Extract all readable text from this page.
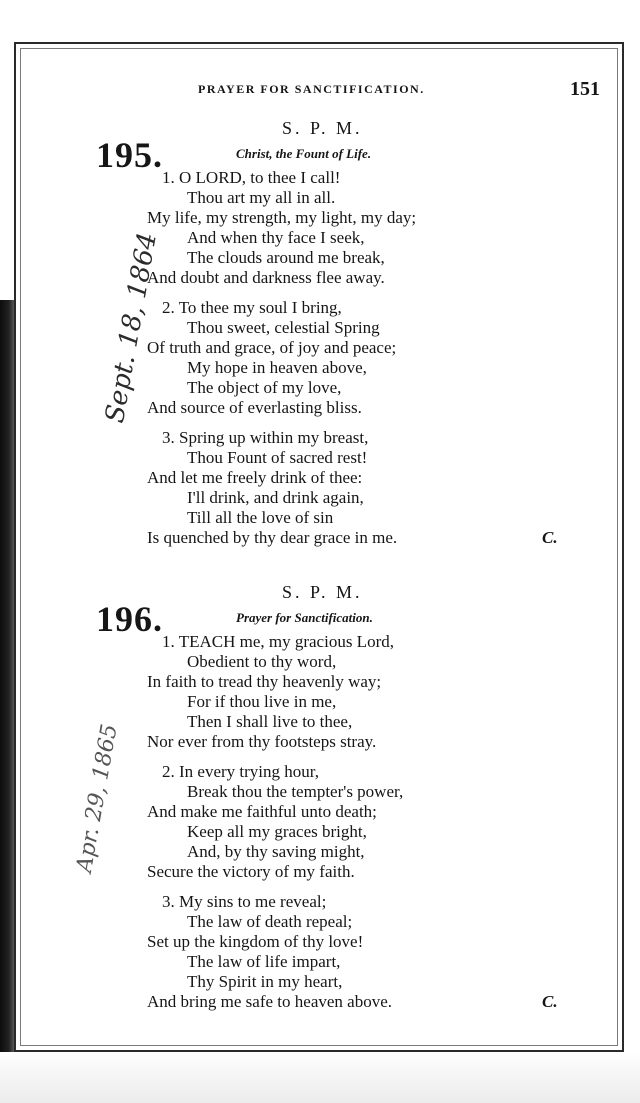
PRAYER FOR SANCTIFICATION.	151
S. P. M.
195.	Christ, the Fount of Life.
1. O LORD, to thee I call!
Thou art my all in all.
My life, my strength, my light, my day;
And when thy face I seek,
The clouds around me break,
And doubt and darkness flee away.
2. To thee my soul I bring,
Thou sweet, celestial Spring
Of truth and grace, of joy and peace;
My hope in heaven above,
The object of my love,
And source of everlasting bliss.
3. Spring up within my breast,
Thou Fount of sacred rest!
And let me freely drink of thee:
I'll drink, and drink again,
Till all the love of sin
Is quenched by thy dear grace in me.	C.
S. P. M.
196.	Prayer for Sanctification.
1. TEACH me, my gracious Lord,
Obedient to thy word,
In faith to tread thy heavenly way;
For if thou live in me,
Then I shall live to thee,
Nor ever from thy footsteps stray.
2. In every trying hour,
Break thou the tempter's power,
And make me faithful unto death;
Keep all my graces bright,
And, by thy saving might,
Secure the victory of my faith.
3. My sins to me reveal;
The law of death repeal;
Set up the kingdom of thy love!
The law of life impart,
Thy Spirit in my heart,
And bring me safe to heaven above.	C.
Sept. 18, 1864
Apr. 29, 1865
